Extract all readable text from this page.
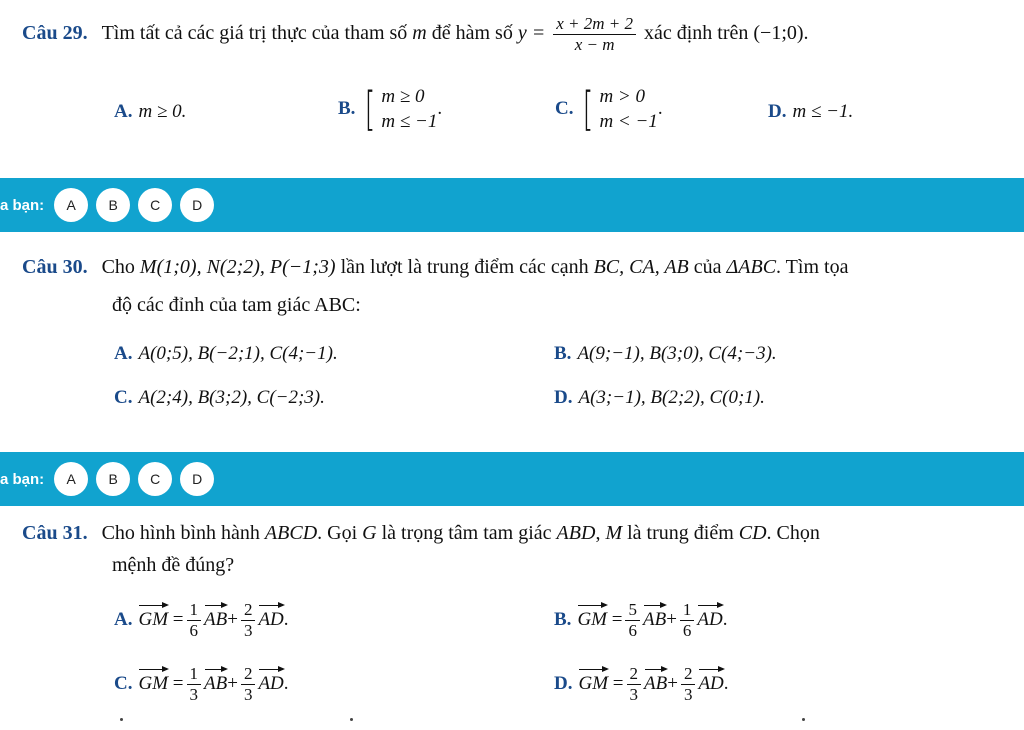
Câu 29. Tìm tất cả các giá trị thực của tham số m để hàm số $y = \frac{x + 2m + 2}{x - m}$ xác định trên (−1;0).
A. m ≥ 0.	B. [ m ≥ 0
m ≤ −1
.	C. [ m > 0
m < −1
.	D. m ≤ −1.
a bạn:	A	B	C	D
Câu 30. Cho M(1;0), N(2;2), P(−1;3) lần lượt là trung điểm các cạnh BC, CA, AB của ΔABC. Tìm tọa
độ các đỉnh của tam giác ABC:
A. A(0;5), B(−2;1), C(4;−1).	B. A(9;−1), B(3;0), C(4;−3).
C. A(2;4), B(3;2), C(−2;3).	D. A(3;−1), B(2;2), C(0;1).
a bạn:	A	B	C	D
Câu 31. Cho hình bình hành ABCD. Gọi G là trọng tâm tam giác ABD, M là trung điểm CD. Chọn
mệnh đề đúng?
A. GM = $\frac{1}{6} AB+ \frac{2}{3}$ AD.	B. GM = $\frac{5}{6} AB+ \frac{1}{6}$ AD.
C. GM = $\frac{1}{3} AB+ \frac{2}{3}$ AD.	D. GM = $\frac{2}{3} AB+ \frac{2}{3}$ AD.
